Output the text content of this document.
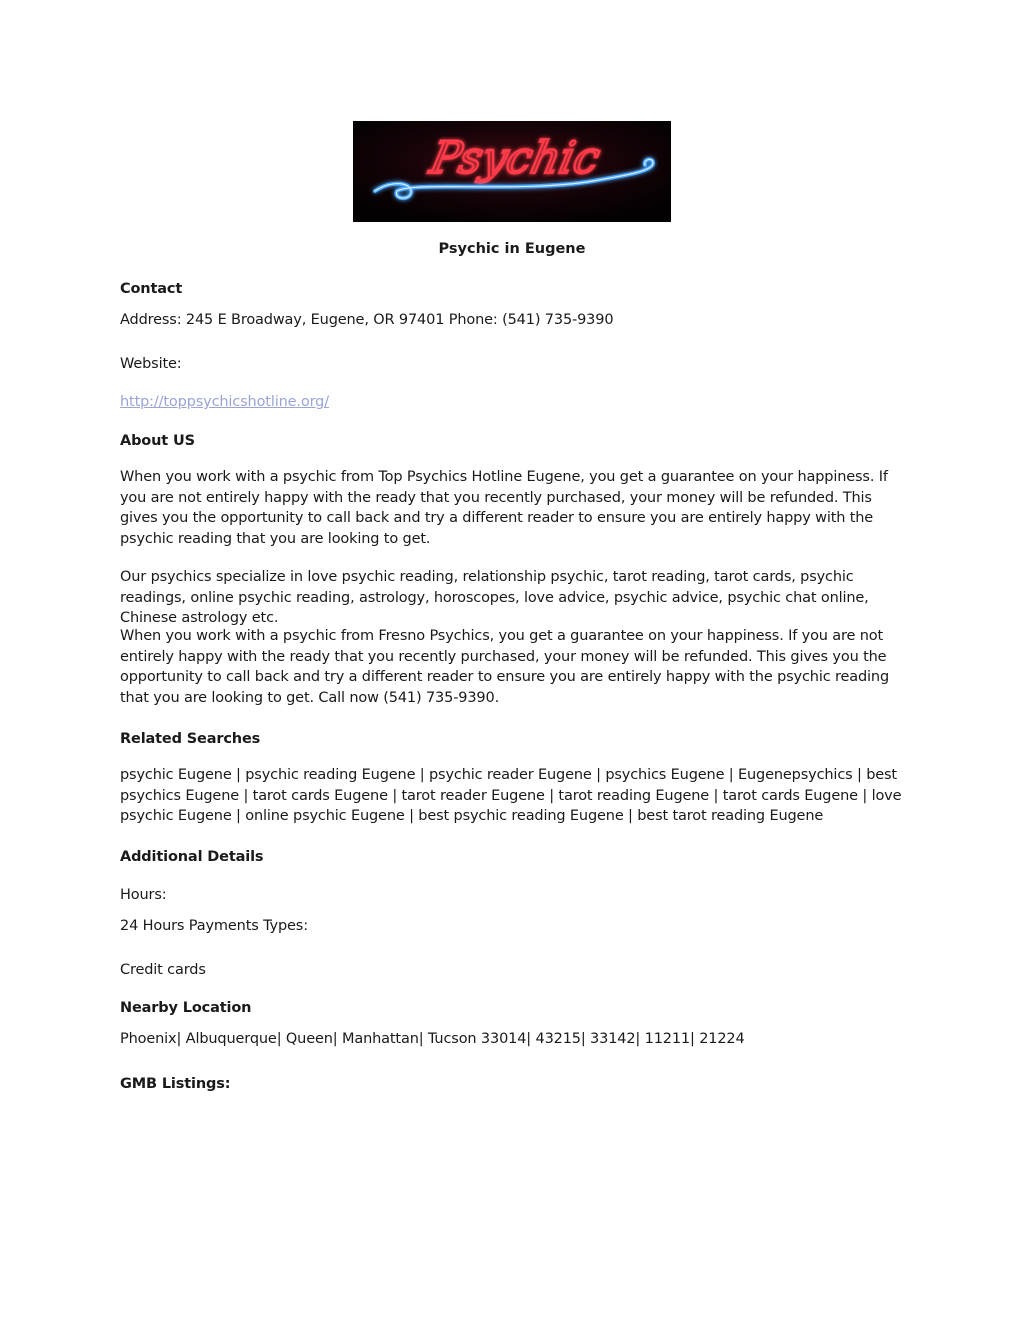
Psychic

Psychic in Eugene

Contact

Address: 245 E Broadway, Eugene, OR 97401 Phone: (541) 735-9390

Website:

http://toppsychicshotline.org/

About US

When you work with a psychic from Top Psychics Hotline Eugene, you get a guarantee on your happiness. If you are not entirely happy with the ready that you recently purchased, your money will be refunded. This gives you the opportunity to call back and try a different reader to ensure you are entirely happy with the psychic reading that you are looking to get.

Our psychics specialize in love psychic reading, relationship psychic, tarot reading, tarot cards, psychic readings, online psychic reading, astrology, horoscopes, love advice, psychic advice, psychic chat online, Chinese astrology etc.

When you work with a psychic from Fresno Psychics, you get a guarantee on your happiness. If you are not entirely happy with the ready that you recently purchased, your money will be refunded. This gives you the opportunity to call back and try a different reader to ensure you are entirely happy with the psychic reading that you are looking to get. Call now (541) 735-9390.

Related Searches

psychic Eugene | psychic reading Eugene | psychic reader Eugene | psychics Eugene | Eugenepsychics | best psychics Eugene | tarot cards Eugene | tarot reader Eugene | tarot reading Eugene | tarot cards Eugene | love psychic Eugene | online psychic Eugene | best psychic reading Eugene | best tarot reading Eugene

Additional Details

Hours:

24 Hours Payments Types:

Credit cards

Nearby Location

Phoenix| Albuquerque| Queen| Manhattan| Tucson 33014| 43215| 33142| 11211| 21224

GMB Listings:
